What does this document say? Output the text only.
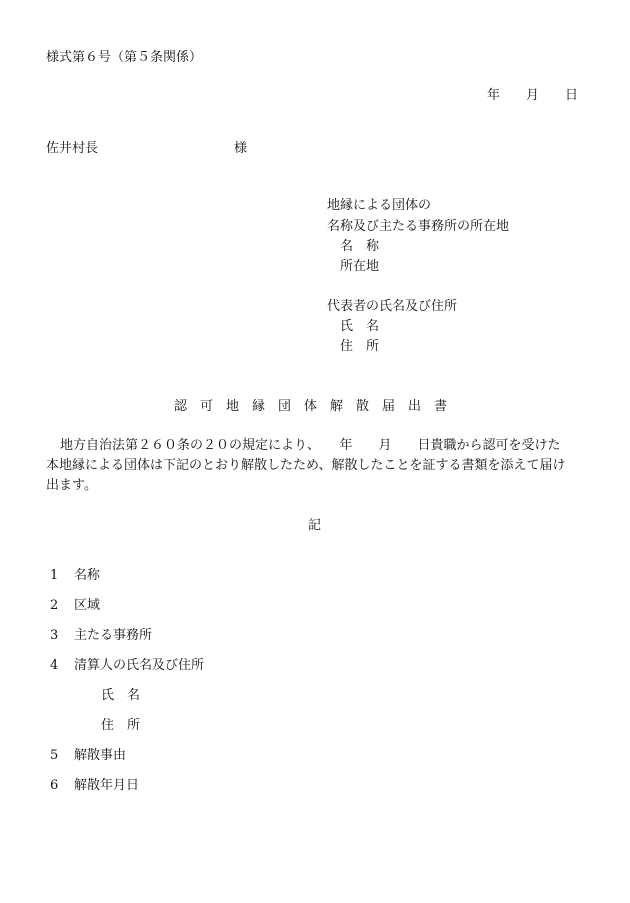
様式第６号（第５条関係）
年　　月　　日
佐井村長	様
地縁による団体の
名称及び主たる事務所の所在地
名　称
所在地
代表者の氏名及び住所
氏　名
住　所
認　可　地　縁　団　体　解　散　届　出　書
地方自治法第２６０条の２０の規定により、　　年　　月　　日貴職から認可を受けた
本地縁による団体は下記のとおり解散したため、解散したことを証する書類を添えて届け
出ます。
記
1 名称
2 区域
3 主たる事務所
4 清算人の氏名及び住所
氏　名
住　所
5 解散事由
6 解散年月日
